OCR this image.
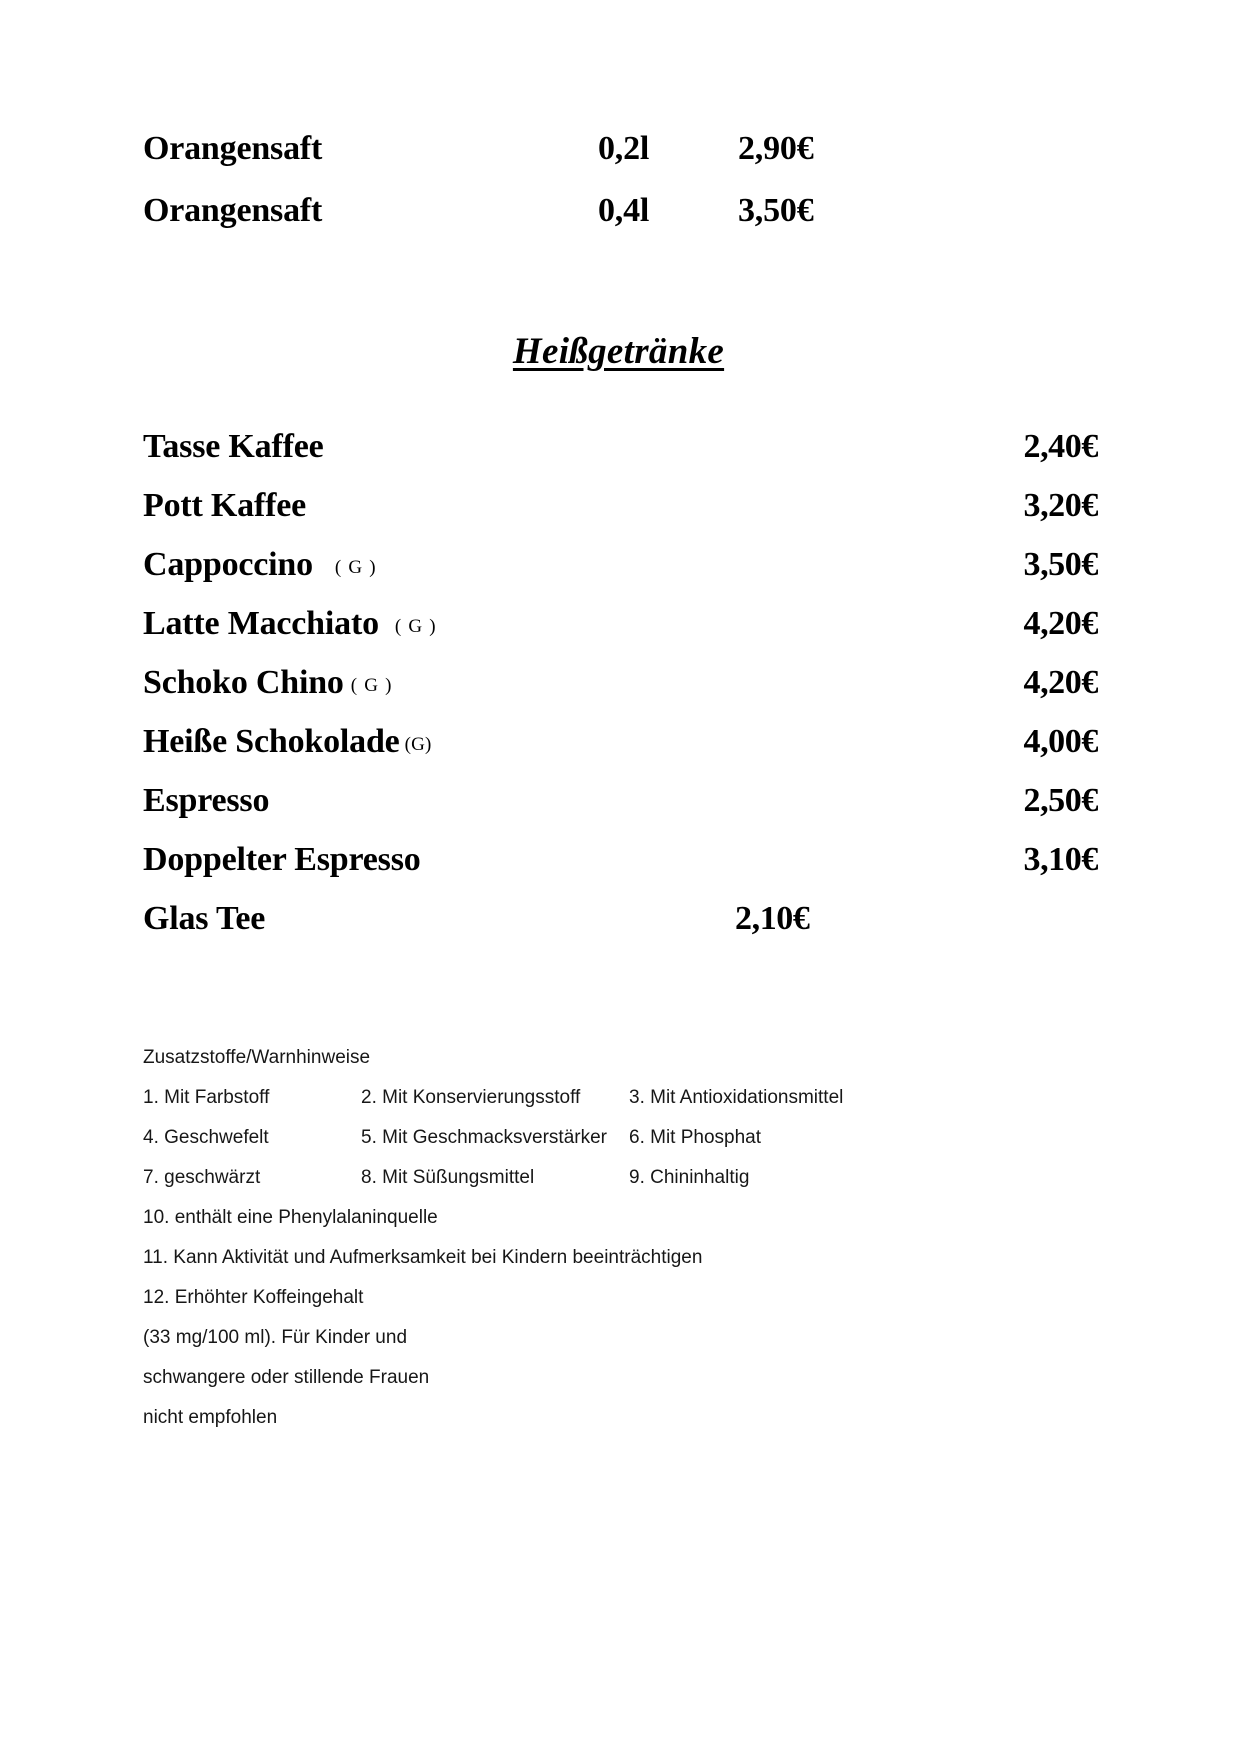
Orangensaft	0,2l	2,90€
Orangensaft	0,4l	3,50€
Heißgetränke
Tasse Kaffee	2,40€
Pott Kaffee	3,20€
Cappoccino ( G )	3,50€
Latte Macchiato ( G )	4,20€
Schoko Chino ( G )	4,20€
Heiße Schokolade (G)	4,00€
Espresso	2,50€
Doppelter Espresso	3,10€
Glas Tee	2,10€
Zusatzstoffe/Warnhinweise
1. Mit Farbstoff	2. Mit Konservierungsstoff	3. Mit Antioxidationsmittel
4. Geschwefelt	5. Mit Geschmacksverstärker	6. Mit Phosphat
7. geschwärzt	8. Mit Süßungsmittel	9. Chininhaltig
10. enthält eine Phenylalaninquelle
11. Kann Aktivität und Aufmerksamkeit bei Kindern beeinträchtigen
12. Erhöhter Koffeingehalt
(33 mg/100 ml). Für Kinder und
schwangere oder stillende Frauen
nicht empfohlen
